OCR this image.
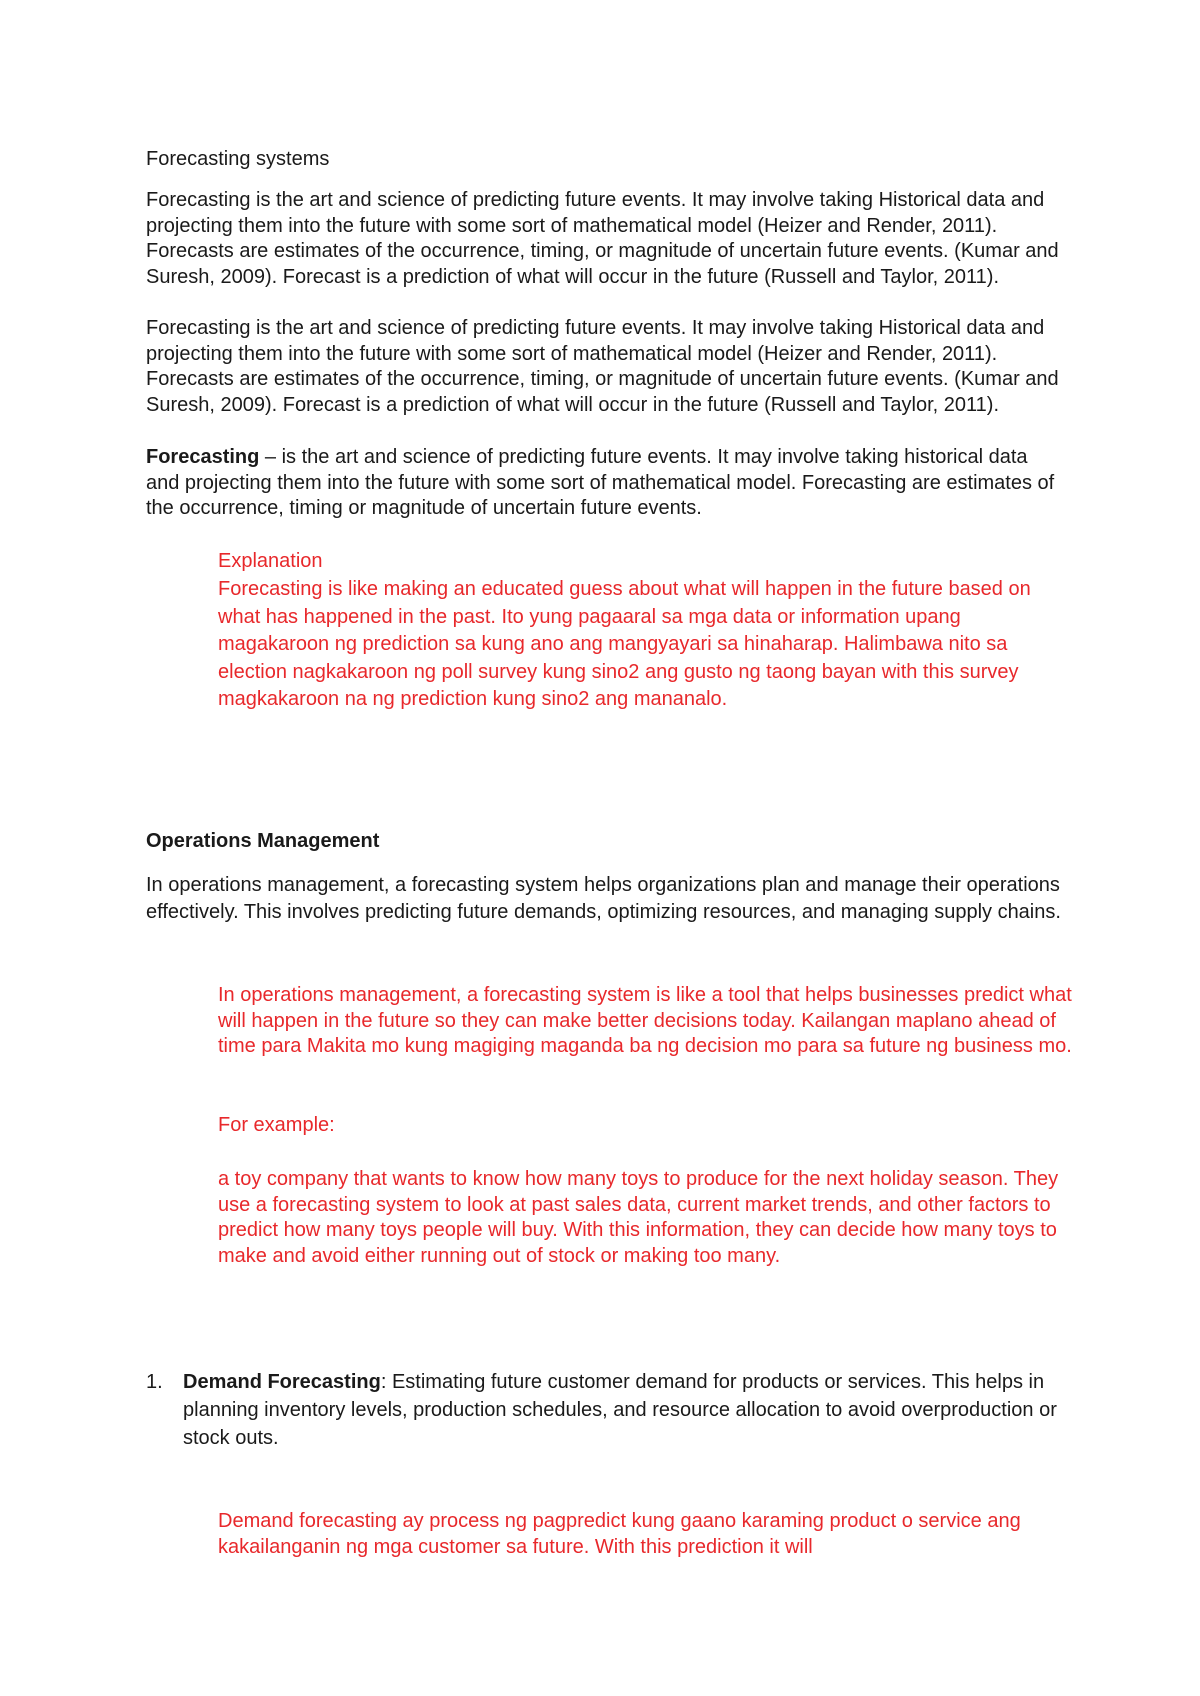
Forecasting systems

Forecasting is the art and science of predicting future events. It may involve taking Historical data and projecting them into the future with some sort of mathematical model (Heizer and Render, 2011). Forecasts are estimates of the occurrence, timing, or magnitude of uncertain future events. (Kumar and Suresh, 2009). Forecast is a prediction of what will occur in the future (Russell and Taylor, 2011).

Forecasting is the art and science of predicting future events. It may involve taking Historical data and projecting them into the future with some sort of mathematical model (Heizer and Render, 2011). Forecasts are estimates of the occurrence, timing, or magnitude of uncertain future events. (Kumar and Suresh, 2009). Forecast is a prediction of what will occur in the future (Russell and Taylor, 2011).

Forecasting – is the art and science of predicting future events. It may involve taking historical data and projecting them into the future with some sort of mathematical model. Forecasting are estimates of the occurrence, timing or magnitude of uncertain future events.

Explanation

Forecasting is like making an educated guess about what will happen in the future based on what has happened in the past. Ito yung pagaaral sa mga data or information upang magakaroon ng prediction sa kung ano ang mangyayari sa hinaharap. Halimbawa nito sa election nagkakaroon ng poll survey kung sino2 ang gusto ng taong bayan with this survey magkakaroon na ng prediction kung sino2 ang mananalo.

Operations Management

In operations management, a forecasting system helps organizations plan and manage their operations effectively. This involves predicting future demands, optimizing resources, and managing supply chains.

In operations management, a forecasting system is like a tool that helps businesses predict what will happen in the future so they can make better decisions today. Kailangan maplano ahead of time para Makita mo kung magiging maganda ba ng decision mo para sa future ng business mo.

For example:

a toy company that wants to know how many toys to produce for the next holiday season. They use a forecasting system to look at past sales data, current market trends, and other factors to predict how many toys people will buy. With this information, they can decide how many toys to make and avoid either running out of stock or making too many.

1. Demand Forecasting: Estimating future customer demand for products or services. This helps in planning inventory levels, production schedules, and resource allocation to avoid overproduction or stock outs.

Demand forecasting ay process ng pagpredict kung gaano karaming product o service ang kakailanganin ng mga customer sa future. With this prediction it will
